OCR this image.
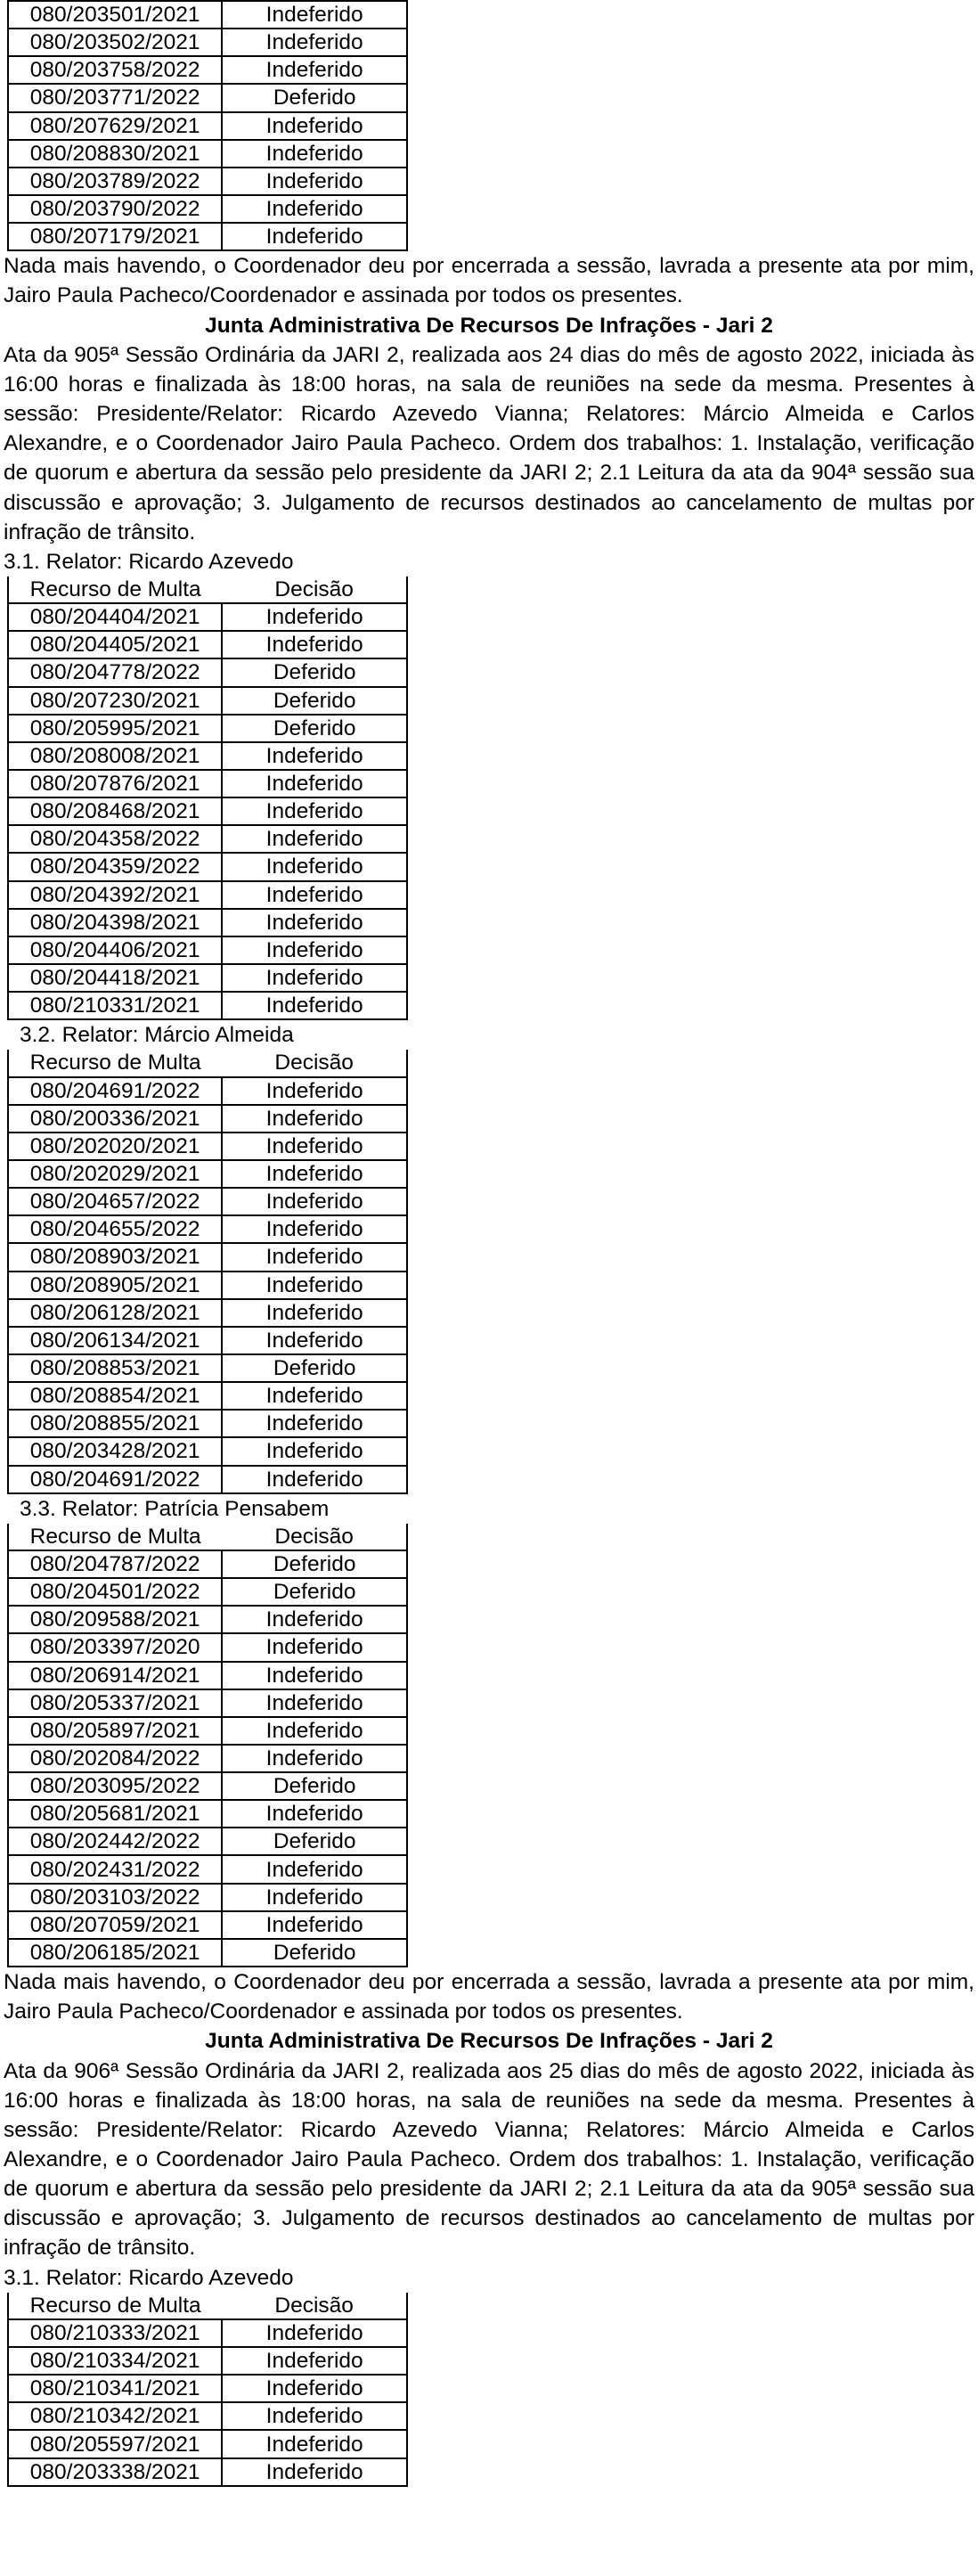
080/203501/2021	Indeferido
080/203502/2021	Indeferido
080/203758/2022	Indeferido
080/203771/2022	Deferido
080/207629/2021	Indeferido
080/208830/2021	Indeferido
080/203789/2022	Indeferido
080/203790/2022	Indeferido
080/207179/2021	Indeferido

Nada mais havendo, o Coordenador deu por encerrada a sessão, lavrada a presente ata por mim, Jairo Paula Pacheco/Coordenador e assinada por todos os presentes.

Junta Administrativa De Recursos De Infrações - Jari 2

Ata da 905ª Sessão Ordinária da JARI 2, realizada aos 24 dias do mês de agosto 2022, iniciada às 16:00 horas e finalizada às 18:00 horas, na sala de reuniões na sede da mesma. Presentes à sessão: Presidente/Relator: Ricardo Azevedo Vianna; Relatores: Márcio Almeida e Carlos Alexandre, e o Coordenador Jairo Paula Pacheco. Ordem dos trabalhos: 1. Instalação, verificação de quorum e abertura da sessão pelo presidente da JARI 2; 2.1 Leitura da ata da 904ª sessão sua discussão e aprovação; 3. Julgamento de recursos destinados ao cancelamento de multas por infração de trânsito.

3.1. Relator: Ricardo Azevedo

Recurso de Multa	Decisão
080/204404/2021	Indeferido
080/204405/2021	Indeferido
080/204778/2022	Deferido
080/207230/2021	Deferido
080/205995/2021	Deferido
080/208008/2021	Indeferido
080/207876/2021	Indeferido
080/208468/2021	Indeferido
080/204358/2022	Indeferido
080/204359/2022	Indeferido
080/204392/2021	Indeferido
080/204398/2021	Indeferido
080/204406/2021	Indeferido
080/204418/2021	Indeferido
080/210331/2021	Indeferido

3.2. Relator: Márcio Almeida

Recurso de Multa	Decisão
080/204691/2022	Indeferido
080/200336/2021	Indeferido
080/202020/2021	Indeferido
080/202029/2021	Indeferido
080/204657/2022	Indeferido
080/204655/2022	Indeferido
080/208903/2021	Indeferido
080/208905/2021	Indeferido
080/206128/2021	Indeferido
080/206134/2021	Indeferido
080/208853/2021	Deferido
080/208854/2021	Indeferido
080/208855/2021	Indeferido
080/203428/2021	Indeferido
080/204691/2022	Indeferido

3.3. Relator: Patrícia Pensabem

Recurso de Multa	Decisão
080/204787/2022	Deferido
080/204501/2022	Deferido
080/209588/2021	Indeferido
080/203397/2020	Indeferido
080/206914/2021	Indeferido
080/205337/2021	Indeferido
080/205897/2021	Indeferido
080/202084/2022	Indeferido
080/203095/2022	Deferido
080/205681/2021	Indeferido
080/202442/2022	Deferido
080/202431/2022	Indeferido
080/203103/2022	Indeferido
080/207059/2021	Indeferido
080/206185/2021	Deferido

Nada mais havendo, o Coordenador deu por encerrada a sessão, lavrada a presente ata por mim, Jairo Paula Pacheco/Coordenador e assinada por todos os presentes.

Junta Administrativa De Recursos De Infrações - Jari 2

Ata da 906ª Sessão Ordinária da JARI 2, realizada aos 25 dias do mês de agosto 2022, iniciada às 16:00 horas e finalizada às 18:00 horas, na sala de reuniões na sede da mesma. Presentes à sessão: Presidente/Relator: Ricardo Azevedo Vianna; Relatores: Márcio Almeida e Carlos Alexandre, e o Coordenador Jairo Paula Pacheco. Ordem dos trabalhos: 1. Instalação, verificação de quorum e abertura da sessão pelo presidente da JARI 2; 2.1 Leitura da ata da 905ª sessão sua discussão e aprovação; 3. Julgamento de recursos destinados ao cancelamento de multas por infração de trânsito.

3.1. Relator: Ricardo Azevedo

Recurso de Multa	Decisão
080/210333/2021	Indeferido
080/210334/2021	Indeferido
080/210341/2021	Indeferido
080/210342/2021	Indeferido
080/205597/2021	Indeferido
080/203338/2021	Indeferido
